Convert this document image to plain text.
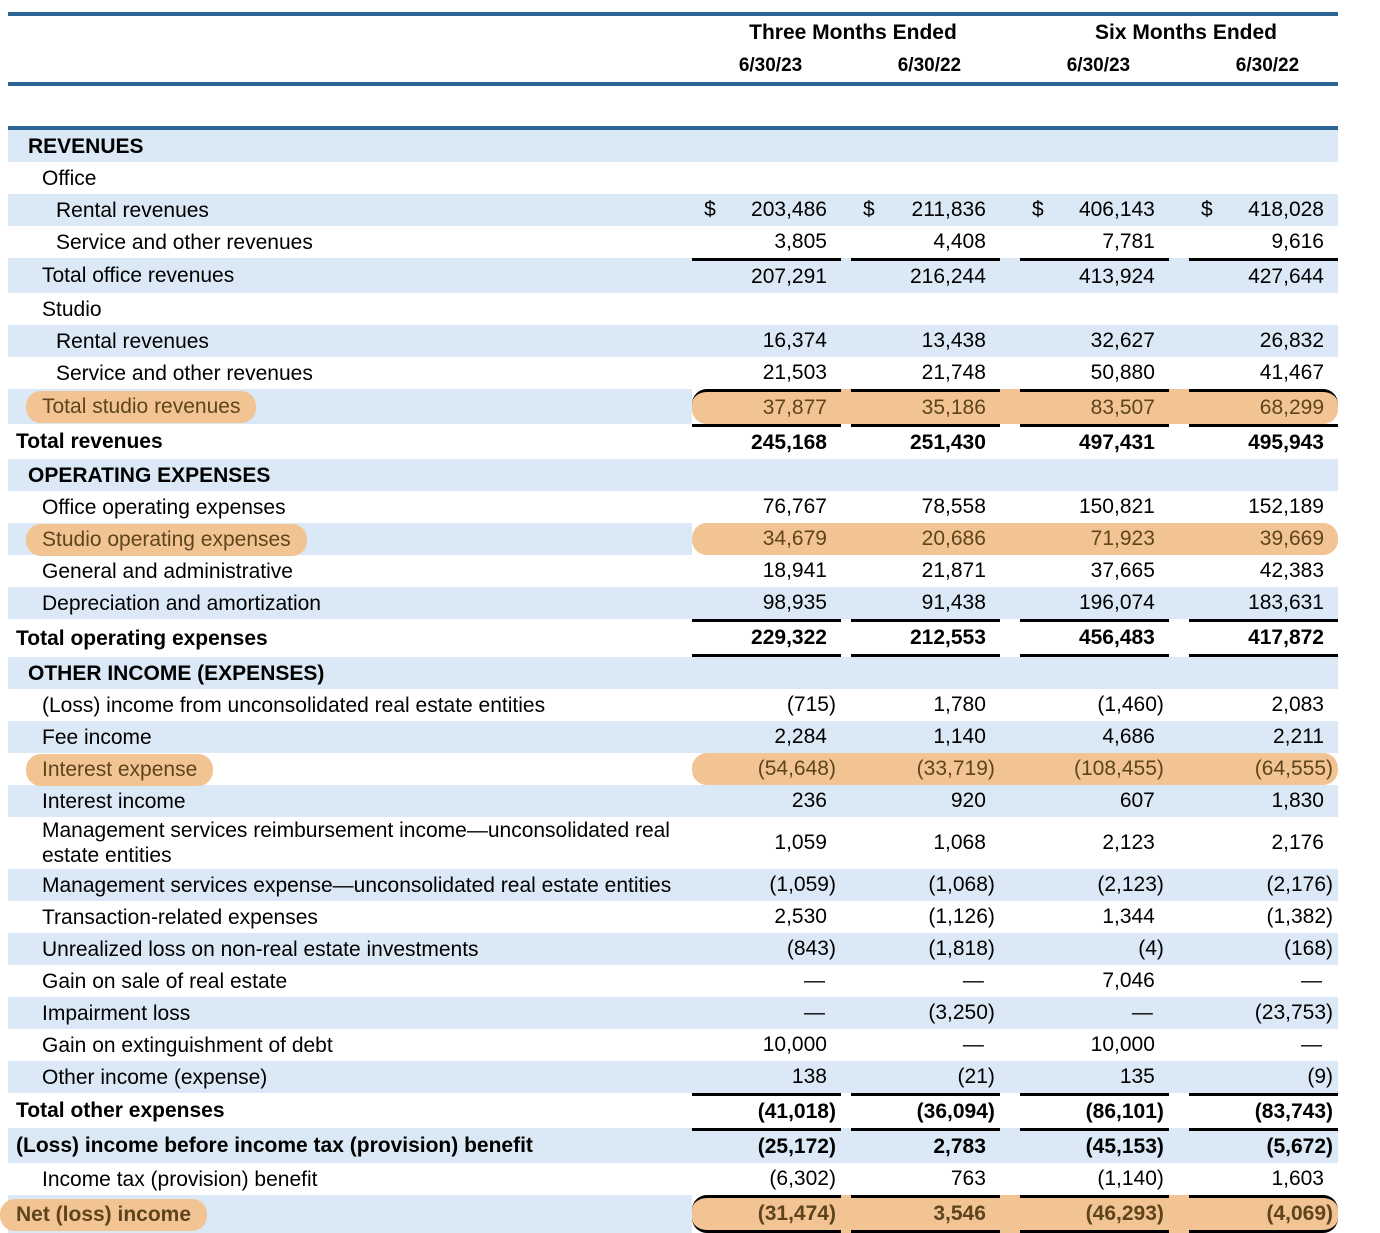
	Three Months Ended				Six Months Ended		
	6/30/23		6/30/22		6/30/23		6/30/22

REVENUES							
Office							
Rental revenues	$ 203,486		$ 211,836		$ 406,143		$ 418,028
Service and other revenues	3,805		4,408		7,781		9,616
Total office revenues	207,291		216,244		413,924		427,644
Studio							
Rental revenues	16,374		13,438		32,627		26,832
Service and other revenues	21,503		21,748		50,880		41,467
Total studio revenues	37,877		35,186		83,507		68,299
Total revenues	245,168		251,430		497,431		495,943
OPERATING EXPENSES							
Office operating expenses	76,767		78,558		150,821		152,189
Studio operating expenses	34,679		20,686		71,923		39,669
General and administrative	18,941		21,871		37,665		42,383
Depreciation and amortization	98,935		91,438		196,074		183,631
Total operating expenses	229,322		212,553		456,483		417,872
OTHER INCOME (EXPENSES)							
(Loss) income from unconsolidated real estate entities	(715)		1,780		(1,460)		2,083
Fee income	2,284		1,140		4,686		2,211
Interest expense	(54,648)		(33,719)		(108,455)		(64,555)
Interest income	236		920		607		1,830
Management services reimbursement income—unconsolidated real estate entities	1,059		1,068		2,123		2,176
Management services expense—unconsolidated real estate entities	(1,059)		(1,068)		(2,123)		(2,176)
Transaction-related expenses	2,530		(1,126)		1,344		(1,382)
Unrealized loss on non-real estate investments	(843)		(1,818)		(4)		(168)
Gain on sale of real estate	—		—		7,046		—
Impairment loss	—		(3,250)		—		(23,753)
Gain on extinguishment of debt	10,000		—		10,000		—
Other income (expense)	138		(21)		135		(9)
Total other expenses	(41,018)		(36,094)		(86,101)		(83,743)
(Loss) income before income tax (provision) benefit	(25,172)		2,783		(45,153)		(5,672)
Income tax (provision) benefit	(6,302)		763		(1,140)		1,603
Net (loss) income	(31,474)		3,546		(46,293)		(4,069)
